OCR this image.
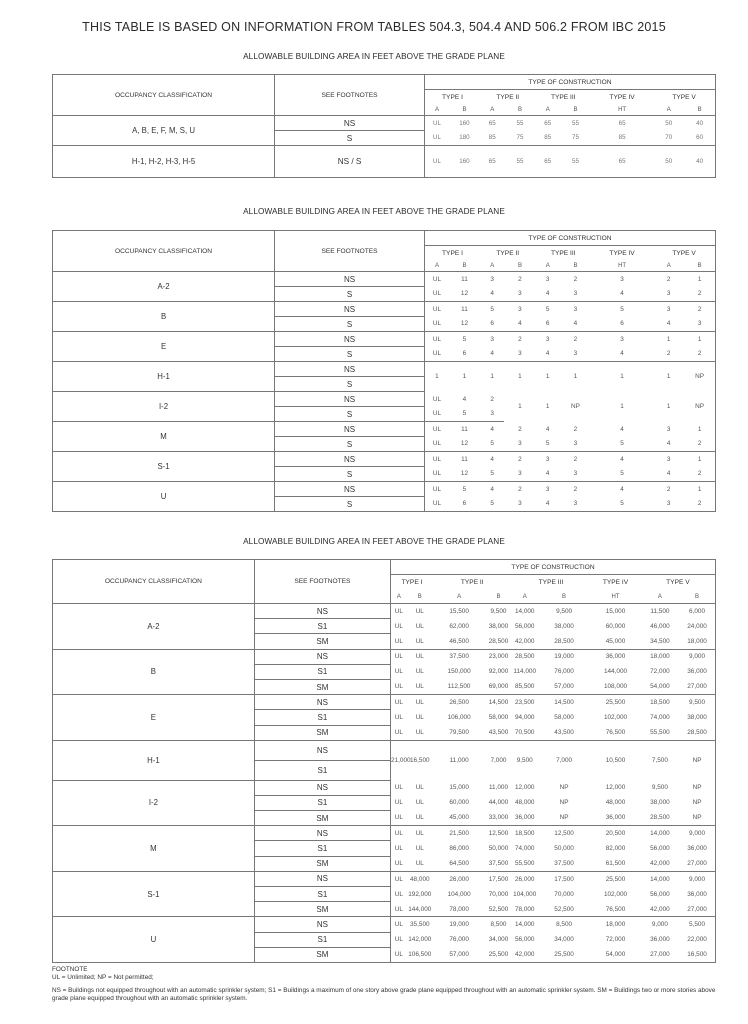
THIS TABLE IS BASED ON INFORMATION FROM TABLES 504.3, 504.4 AND 506.2 FROM IBC 2015
ALLOWABLE BUILDING AREA IN FEET ABOVE THE GRADE PLANE
OCCUPANCY CLASSIFICATION	SEE FOOTNOTES	TYPE OF CONSTRUCTION								
		TYPE I		TYPE II		TYPE III		TYPE IV	TYPE V	
		A	B	A	B	A	B	HT	A	B
A, B, E, F, M, S, U	NS	UL	160	65	55	65	55	65	50	40
	S	UL	180	85	75	85	75	85	70	60
H-1, H-2, H-3, H-5	NS / S	UL	160	65	55	65	55	65	50	40
ALLOWABLE BUILDING AREA IN FEET ABOVE THE GRADE PLANE
OCCUPANCY CLASSIFICATION	SEE FOOTNOTES	TYPE OF CONSTRUCTION								
		TYPE I		TYPE II		TYPE III		TYPE IV	TYPE V	
		A	B	A	B	A	B	HT	A	B
A-2	NS	UL	11	3	2	3	2	3	2	1
	S	UL	12	4	3	4	3	4	3	2
B	NS	UL	11	5	3	5	3	5	3	2
	S	UL	12	6	4	6	4	6	4	3
E	NS	UL	5	3	2	3	2	3	1	1
	S	UL	6	4	3	4	3	4	2	2
H-1	NS	1	1	1	1	1	1	1	1	NP
	S									
I-2	NS	UL	4	2	1	1	NP	1	1	NP
	S	UL	5	3						
M	NS	UL	11	4	2	4	2	4	3	1
	S	UL	12	5	3	5	3	5	4	2
S-1	NS	UL	11	4	2	3	2	4	3	1
	S	UL	12	5	3	4	3	5	4	2
U	NS	UL	5	4	2	3	2	4	2	1
	S	UL	6	5	3	4	3	5	3	2
ALLOWABLE BUILDING AREA IN FEET ABOVE THE GRADE PLANE
OCCUPANCY CLASSIFICATION	SEE FOOTNOTES	TYPE OF CONSTRUCTION								
		TYPE I		TYPE II		TYPE III		TYPE IV	TYPE V	
		A	B	A	B	A	B	HT	A	B
A-2	NS	UL	UL	15,500	9,500	14,000	9,500	15,000	11,500	6,000
	S1	UL	UL	62,000	38,000	56,000	38,000	60,000	46,000	24,000
	SM	UL	UL	46,500	28,500	42,000	28,500	45,000	34,500	18,000
B	NS	UL	UL	37,500	23,000	28,500	19,000	36,000	18,000	9,000
	S1	UL	UL	150,000	92,000	114,000	76,000	144,000	72,000	36,000
	SM	UL	UL	112,500	69,000	85,500	57,000	108,000	54,000	27,000
E	NS	UL	UL	26,500	14,500	23,500	14,500	25,500	18,500	9,500
	S1	UL	UL	106,000	58,000	94,000	58,000	102,000	74,000	38,000
	SM	UL	UL	79,500	43,500	70,500	43,500	76,500	55,500	28,500
H-1	NS	21,000	16,500	11,000	7,000	9,500	7,000	10,500	7,500	NP
	S1									
I-2	NS	UL	UL	15,000	11,000	12,000	NP	12,000	9,500	NP
	S1	UL	UL	60,000	44,000	48,000	NP	48,000	38,000	NP
	SM	UL	UL	45,000	33,000	36,000	NP	36,000	28,500	NP
M	NS	UL	UL	21,500	12,500	18,500	12,500	20,500	14,000	9,000
	S1	UL	UL	86,000	50,000	74,000	50,000	82,000	56,000	36,000
	SM	UL	UL	64,500	37,500	55,500	37,500	61,500	42,000	27,000
S-1	NS	UL	48,000	26,000	17,500	26,000	17,500	25,500	14,000	9,000
	S1	UL	192,000	104,000	70,000	104,000	70,000	102,000	56,000	36,000
	SM	UL	144,000	78,000	52,500	78,000	52,500	76,500	42,000	27,000
U	NS	UL	35,500	19,000	8,500	14,000	8,500	18,000	9,000	5,500
	S1	UL	142,000	76,000	34,000	56,000	34,000	72,000	36,000	22,000
	SM	UL	106,500	57,000	25,500	42,000	25,500	54,000	27,000	16,500
FOOTNOTE
UL = Unlimited; NP = Not permitted;
NS = Buildings not equipped throughout with an automatic sprinkler system; S1 = Buildings a maximum of one story above grade plane equipped throughout with an automatic sprinkler system. SM = Buildings two or more stories above grade plane equipped throughout with an automatic sprinkler system.
